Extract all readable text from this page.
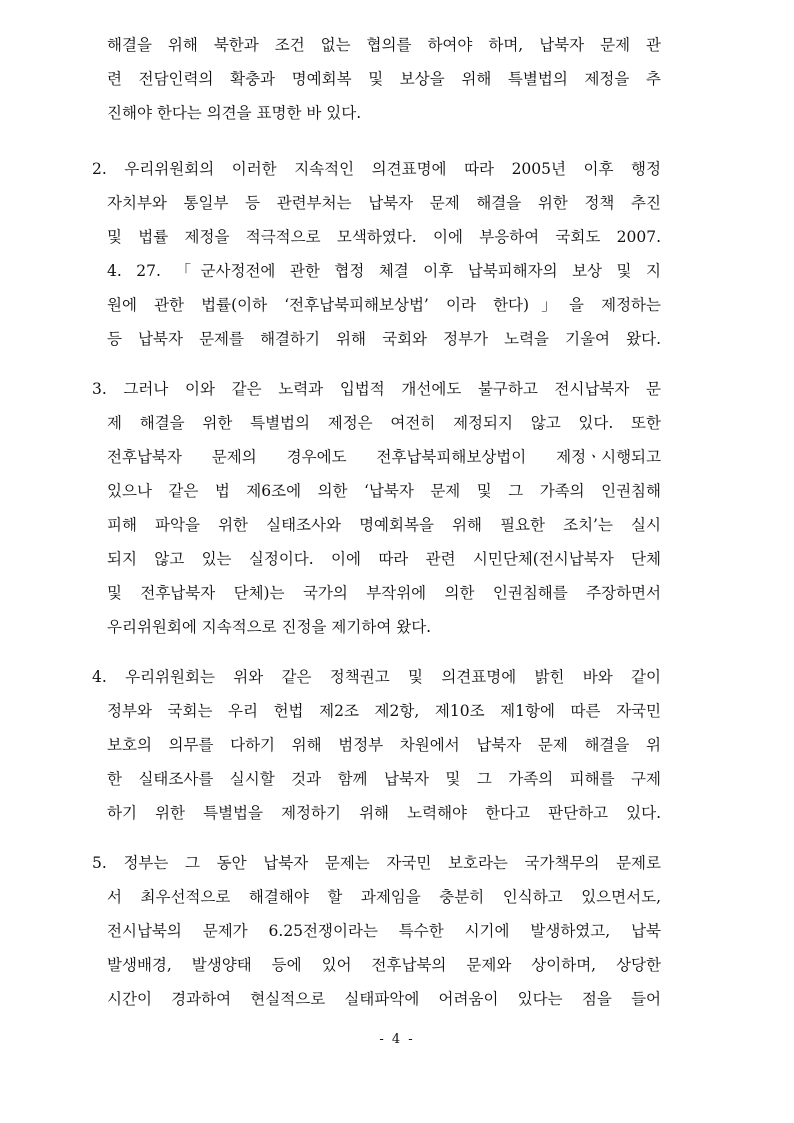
해결을 위해 북한과 조건 없는 협의를 하여야 하며, 납북자 문제 관

련 전담인력의 확충과 명예회복 및 보상을 위해 특별법의 제정을 추

진해야 한다는 의견을 표명한 바 있다.

2. 우리위원회의 이러한 지속적인 의견표명에 따라 2005년 이후 행정

자치부와 통일부 등 관련부처는 납북자 문제 해결을 위한 정책 추진

및 법률 제정을 적극적으로 모색하였다. 이에 부응하여 국회도 2007.

4. 27. 「군사정전에 관한 협정 체결 이후 납북피해자의 보상 및 지

원에 관한 법률(이하 ‘전후납북피해보상법’ 이라 한다)」을 제정하는

등 납북자 문제를 해결하기 위해 국회와 정부가 노력을 기울여 왔다.

3. 그러나 이와 같은 노력과 입법적 개선에도 불구하고 전시납북자 문

제 해결을 위한 특별법의 제정은 여전히 제정되지 않고 있다. 또한

전후납북자 문제의 경우에도 전후납북피해보상법이 제정ㆍ시행되고

있으나 같은 법 제6조에 의한 ‘납북자 문제 및 그 가족의 인권침해

피해 파악을 위한 실태조사와 명예회복을 위해 필요한 조치’는 실시

되지 않고 있는 실정이다. 이에 따라 관련 시민단체(전시납북자 단체

및 전후납북자 단체)는 국가의 부작위에 의한 인권침해를 주장하면서

우리위원회에 지속적으로 진정을 제기하여 왔다.

4. 우리위원회는 위와 같은 정책권고 및 의견표명에 밝힌 바와 같이

정부와 국회는 우리 헌법 제2조 제2항, 제10조 제1항에 따른 자국민

보호의 의무를 다하기 위해 범정부 차원에서 납북자 문제 해결을 위

한 실태조사를 실시할 것과 함께 납북자 및 그 가족의 피해를 구제

하기 위한 특별법을 제정하기 위해 노력해야 한다고 판단하고 있다.

5. 정부는 그 동안 납북자 문제는 자국민 보호라는 국가책무의 문제로

서 최우선적으로 해결해야 할 과제임을 충분히 인식하고 있으면서도,

전시납북의 문제가 6.25전쟁이라는 특수한 시기에 발생하였고, 납북

발생배경, 발생양태 등에 있어 전후납북의 문제와 상이하며, 상당한

시간이 경과하여 현실적으로 실태파악에 어려움이 있다는 점을 들어

- 4 -
